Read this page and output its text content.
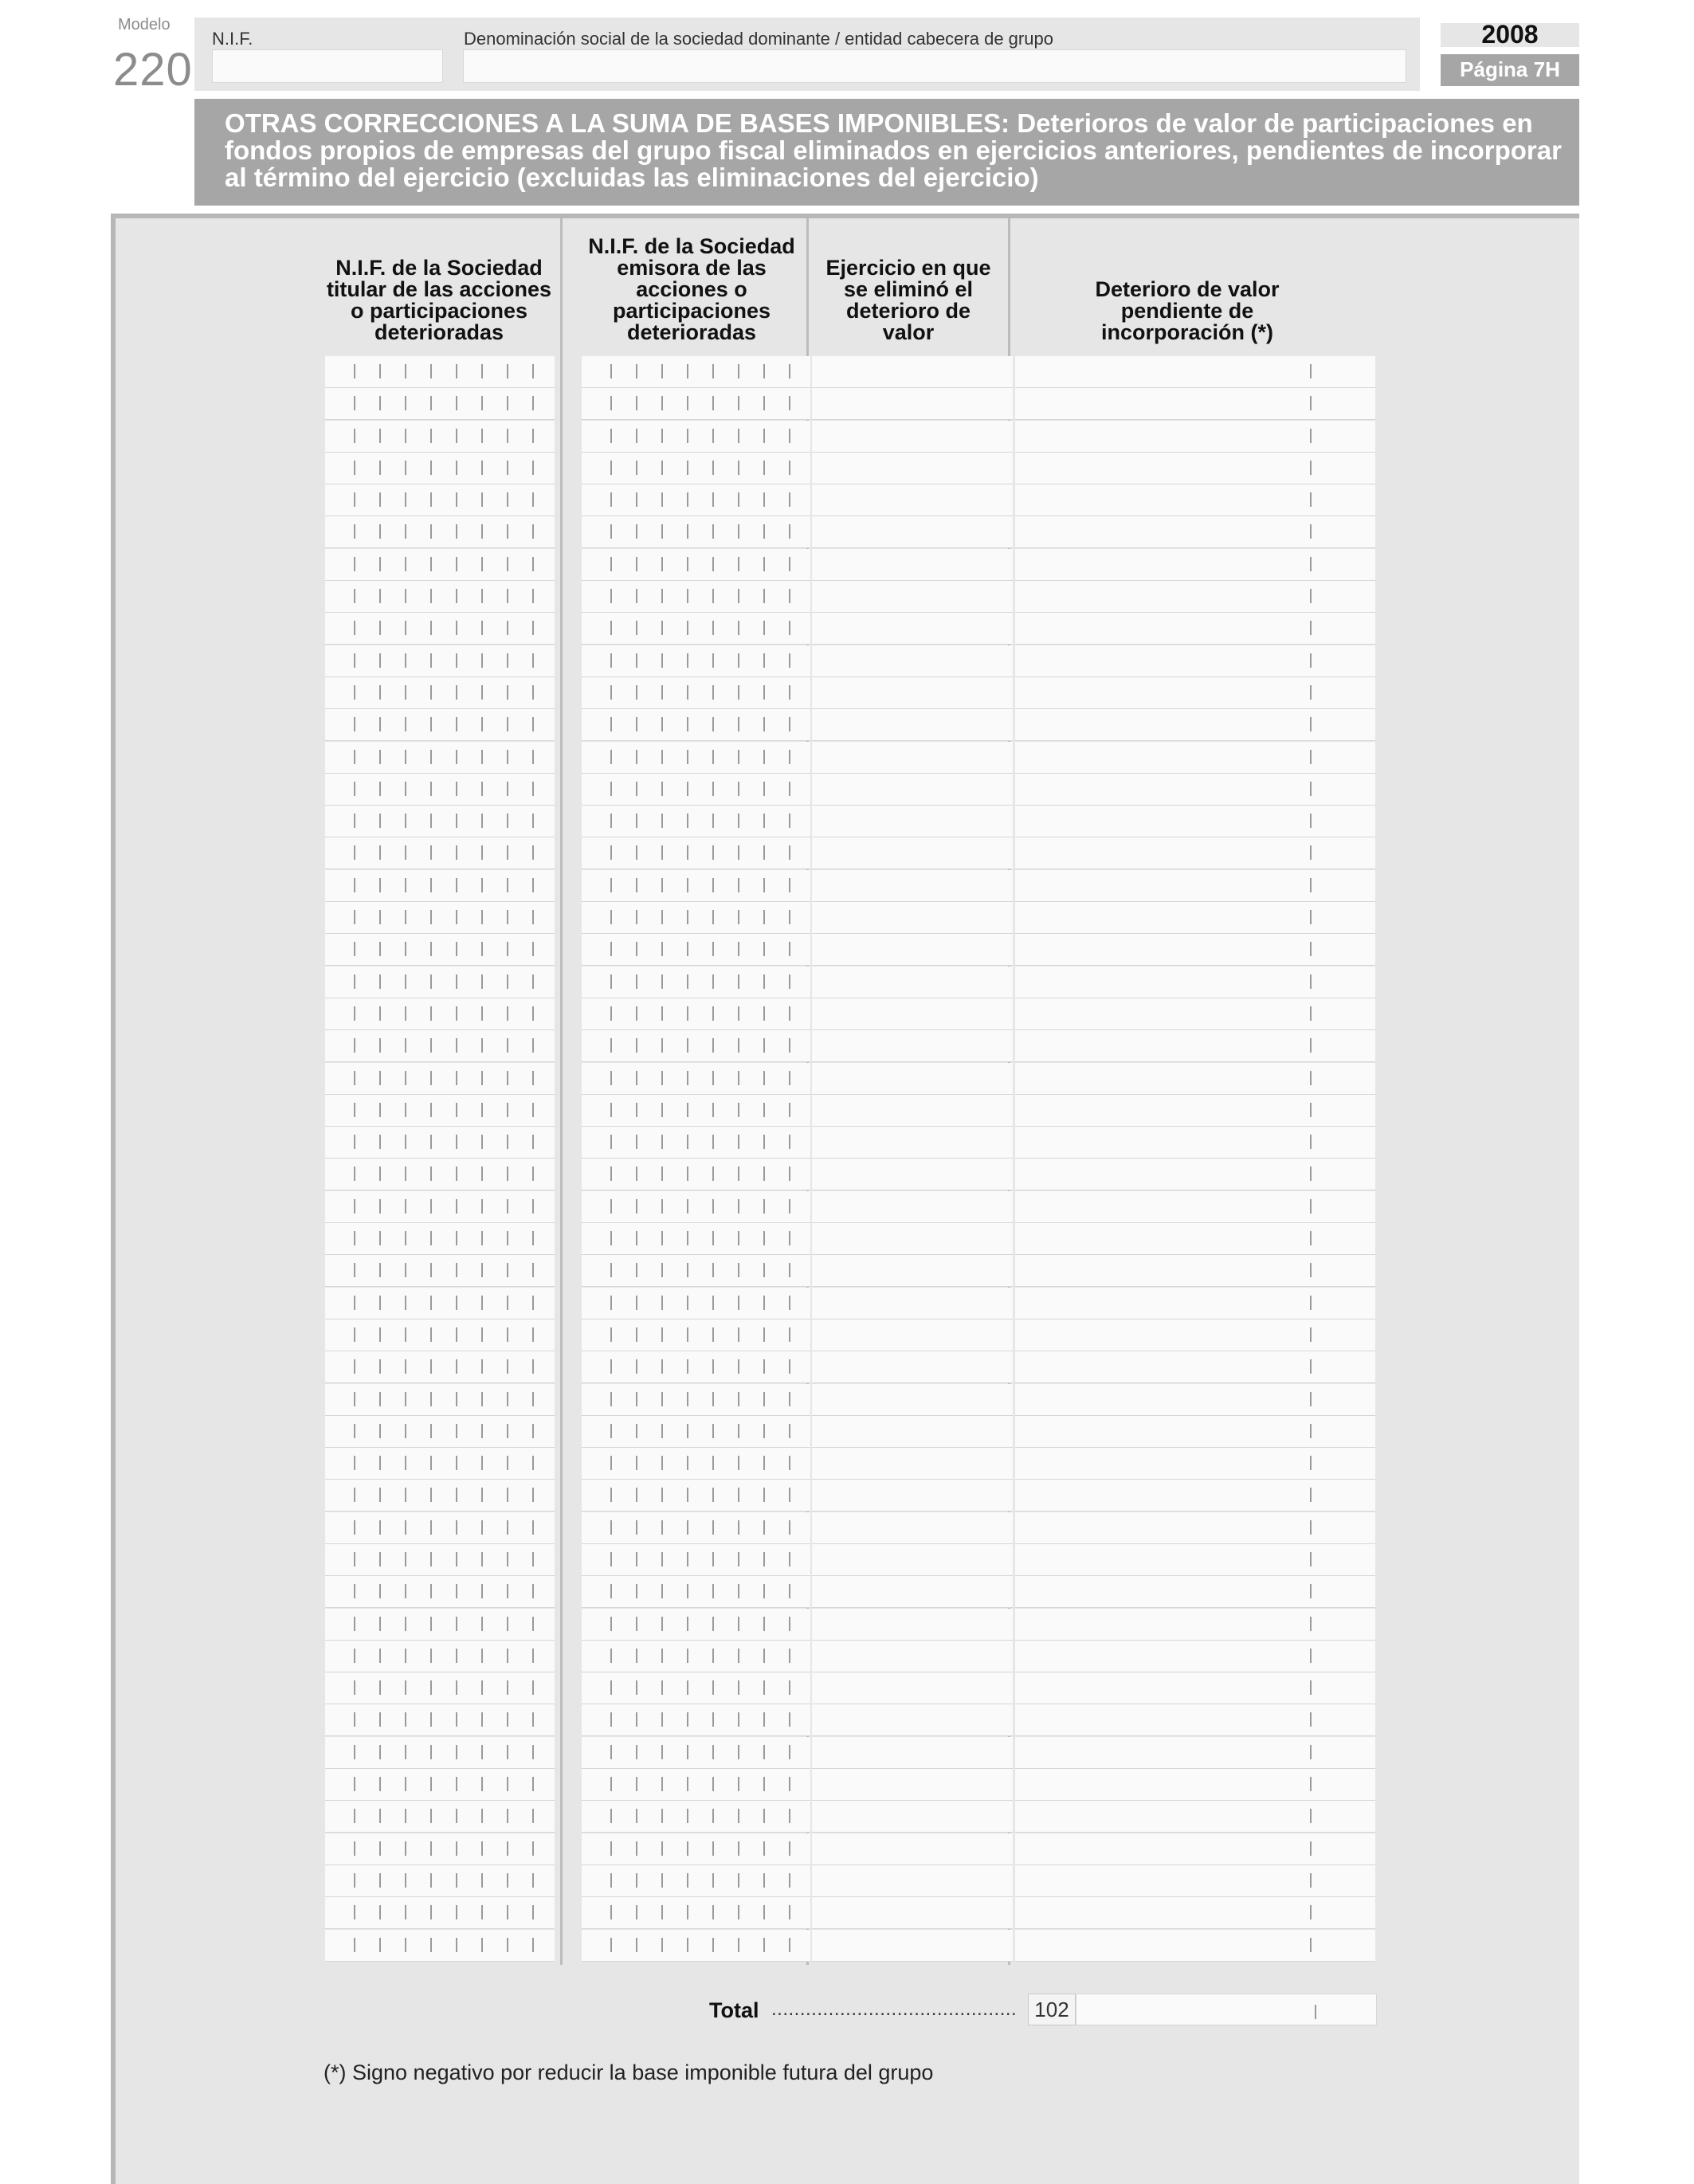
Modelo
220
N.I.F.	Denominación social de la sociedad dominante / entidad cabecera de grupo	2008
Página 7H
OTRAS CORRECCIONES A LA SUMA DE BASES IMPONIBLES: Deterioros de valor de participaciones en fondos propios de empresas del grupo fiscal eliminados en ejercicios anteriores, pendientes de incorporar al término del ejercicio (excluidas las eliminaciones del ejercicio)
N.I.F. de la Sociedad titular de las acciones o participaciones deterioradas
N.I.F. de la Sociedad emisora de las acciones o participaciones deterioradas
Ejercicio en que se eliminó el deterioro de valor
Deterioro de valor pendiente de incorporación (*)
Total ........................................... 102
(*) Signo negativo por reducir la base imponible futura del grupo
